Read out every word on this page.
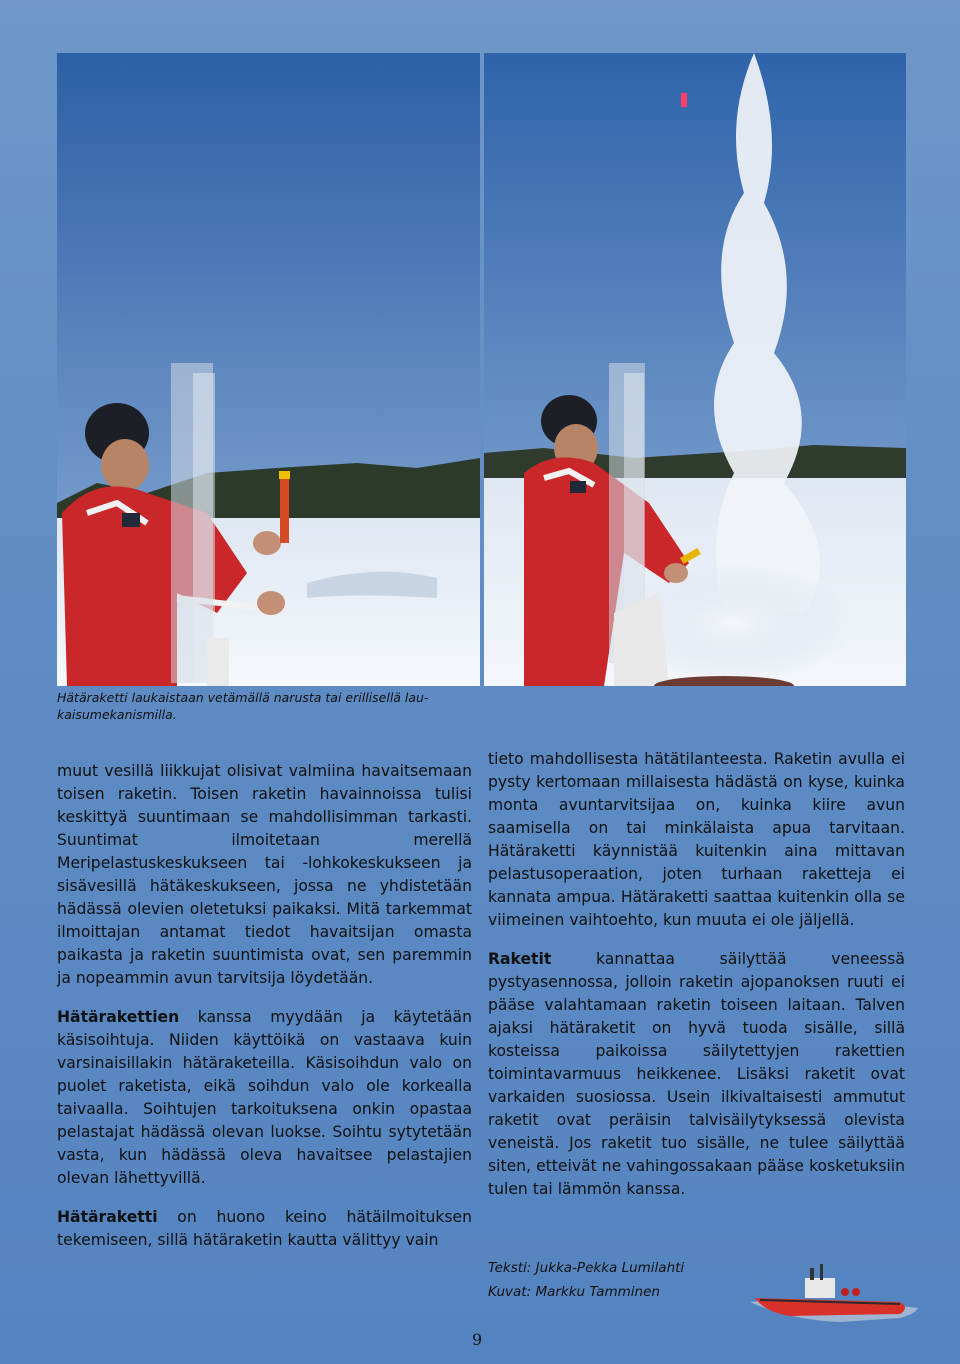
Hätäraketti laukaistaan vetämällä narusta tai erillisellä lau-
kaisumekanismilla.

muut vesillä liikkujat olisivat valmiina havaitsemaan toisen raketin. Toisen raketin havainnoissa tulisi keskittyä suuntimaan se mahdollisimman tarkasti. Suuntimat ilmoitetaan merellä Meripelastuskeskukseen tai -lohkokeskukseen ja sisävesillä hätäkeskukseen, jossa ne yhdistetään hädässä olevien oletetuksi paikaksi. Mitä tarkemmat ilmoittajan antamat tiedot havaitsijan omasta paikasta ja raketin suuntimista ovat, sen paremmin ja nopeammin avun tarvitsija löydetään.

Hätärakettien kanssa myydään ja käytetään käsisoihtuja. Niiden käyttöikä on vastaava kuin varsinaisillakin hätäraketeilla. Käsisoihdun valo on puolet raketista, eikä soihdun valo ole korkealla taivaalla. Soihtujen tarkoituksena onkin opastaa pelastajat hädässä olevan luokse. Soihtu sytytetään vasta, kun hädässä oleva havaitsee pelastajien olevan lähettyvillä.

Hätäraketti on huono keino hätäilmoituksen tekemiseen, sillä hätäraketin kautta välittyy vain

tieto mahdollisesta hätätilanteesta. Raketin avulla ei pysty kertomaan millaisesta hädästä on kyse, kuinka monta avuntarvitsijaa on, kuinka kiire avun saamisella on tai minkälaista apua tarvitaan. Hätäraketti käynnistää kuitenkin aina mittavan pelastusoperaation, joten turhaan raketteja ei kannata ampua. Hätäraketti saattaa kuitenkin olla se viimeinen vaihtoehto, kun muuta ei ole jäljellä.

Raketit kannattaa säilyttää veneessä pystyasennossa, jolloin raketin ajopanoksen ruuti ei pääse valahtamaan raketin toiseen laitaan. Talven ajaksi hätäraketit on hyvä tuoda sisälle, sillä kosteissa paikoissa säilytettyjen rakettien toimintavarmuus heikkenee. Lisäksi raketit ovat varkaiden suosiossa. Usein ilkivaltaisesti ammutut raketit ovat peräisin talvisäilytyksessä olevista veneistä. Jos raketit tuo sisälle, ne tulee säilyttää siten, etteivät ne vahingossakaan pääse kosketuksiin tulen tai lämmön kanssa.

Teksti: Jukka-Pekka Lumilahti
Kuvat: Markku Tamminen
9
